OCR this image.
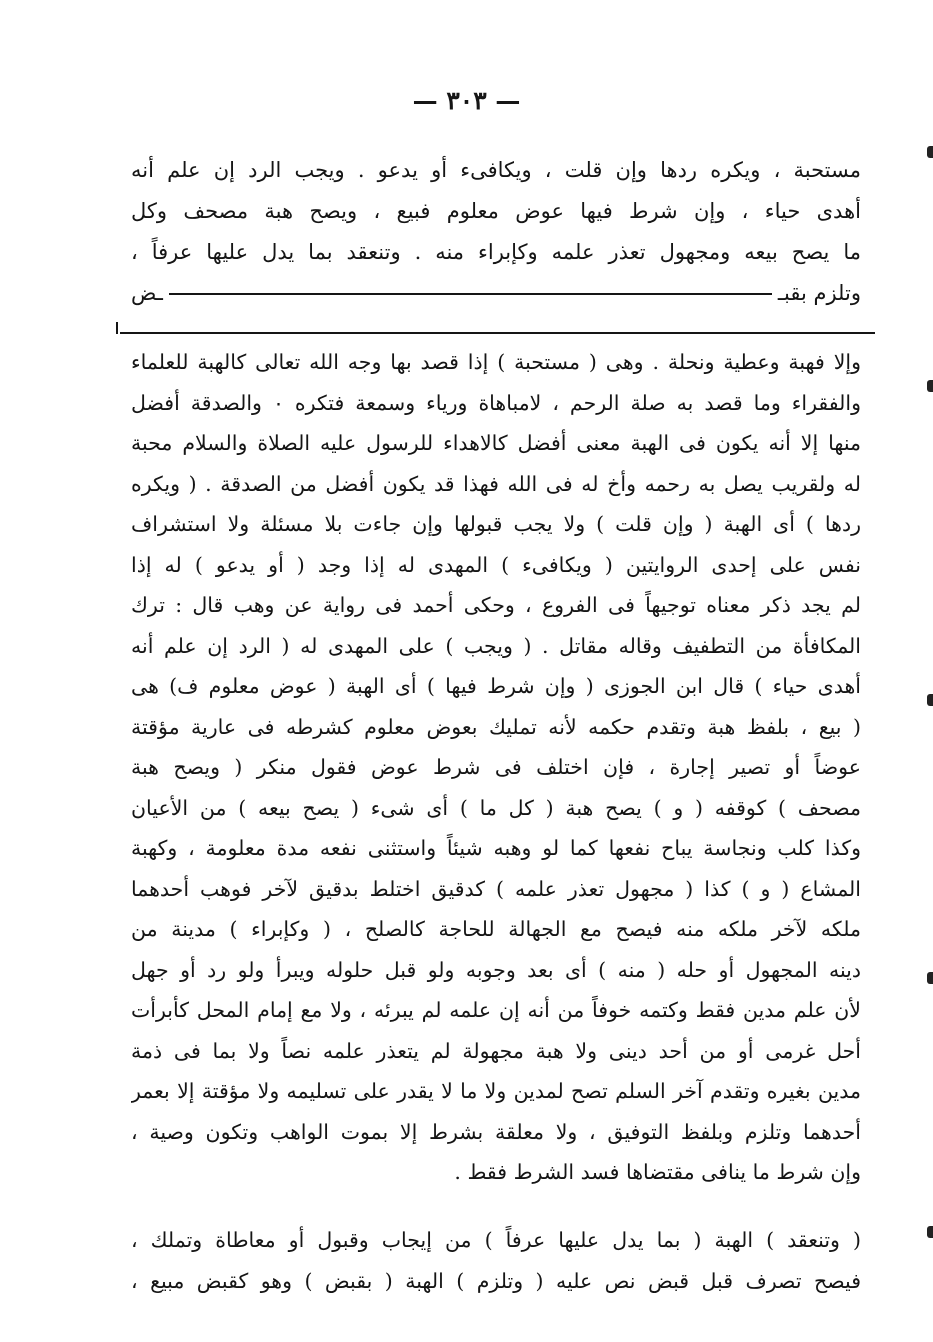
— ٣٠٣ —
مستحبة ، ويكره ردها وإن قلت ، ويكافىء أو يدعو . ويجب الرد إن علم أنه
أهدى حياء ، وإن شرط فيها عوض معلوم فبيع ، ويصح هبة مصحف وكل
ما يصح بيعه ومجهول تعذر علمه وكإبراء منه . وتنعقد بما يدل عليها عرفاً ،
وتلزم بقبـ
ـض
وإلا فهبة وعطية ونحلة . وهى ( مستحبة ) إذا قصد بها وجه الله تعالى كالهبة للعلماء
والفقراء وما قصد به صلة الرحم ، لامباهاة ورياء وسمعة فتكره ٠ والصدقة أفضل
منها إلا أنه يكون فى الهبة معنى أفضل كالاهداء للرسول عليه الصلاة والسلام محبة
له ولقريب يصل به رحمه وأخ له فى الله فهذا قد يكون أفضل من الصدقة . ( ويكره
ردها ) أى الهبة ( وإن قلت ) ولا يجب قبولها وإن جاءت بلا مسئلة ولا استشراف
نفس على إحدى الروايتين ( ويكافىء ) المهدى له إذا وجد ( أو يدعو ) له إذا
لم يجد ذكر معناه توجيهاً فى الفروع ، وحكى أحمد فى رواية عن وهب قال : ترك
المكافأة من التطفيف وقاله مقاتل . ( ويجب ) على المهدى له ( الرد إن علم أنه
أهدى حياء ) قال ابن الجوزى ( وإن شرط فيها ) أى الهبة ( عوض معلوم ف) هى
( بيع ، بلفظ هبة وتقدم حكمه لأنه تمليك بعوض معلوم كشرطه فى عارية مؤقتة
عوضاً أو تصير إجارة ، فإن اختلف فى شرط عوض فقول منكر ( ويصح هبة
مصحف ) كوقفه ( و ) يصح هبة ( كل ما ) أى شىء ( يصح بيعه ) من الأعيان
وكذا كلب ونجاسة يباح نفعها كما لو وهبه شيئاً واستثنى نفعه مدة معلومة ، وكهبة
المشاع ( و ) كذا ( مجهول تعذر علمه ) كدقيق اختلط بدقيق لآخر فوهب أحدهما
ملكه لآخر ملكه منه فيصح مع الجهالة للحاجة كالصلح ، ( وكإبراء ) مدينة من
دينه المجهول أو حله ( منه ) أى بعد وجوبه ولو قبل حلوله ويبرأ ولو رد أو جهل
لأن علم مدين فقط وكتمه خوفاً من أنه إن علمه لم يبرئه ، ولا مع إمام المحل كأبرأت
أحل غرمى أو من أحد دينى ولا هبة مجهولة لم يتعذر علمه نصاً ولا بما فى ذمة
مدين بغيره وتقدم آخر السلم تصح لمدين ولا ما لا يقدر على تسليمه ولا مؤقتة إلا بعمر
أحدهما وتلزم وبلفظ التوفيق ، ولا معلقة بشرط إلا بموت الواهب وتكون وصية ،
وإن شرط ما ينافى مقتضاها فسد الشرط فقط .
( وتنعقد ) الهبة ( بما يدل عليها عرفاً ) من إيجاب وقبول أو معاطاة وتملك ،
فيصح تصرف قبل قبض نص عليه ( وتلزم ) الهبة ( بقبض ) وهو كقبض مبيع ،
